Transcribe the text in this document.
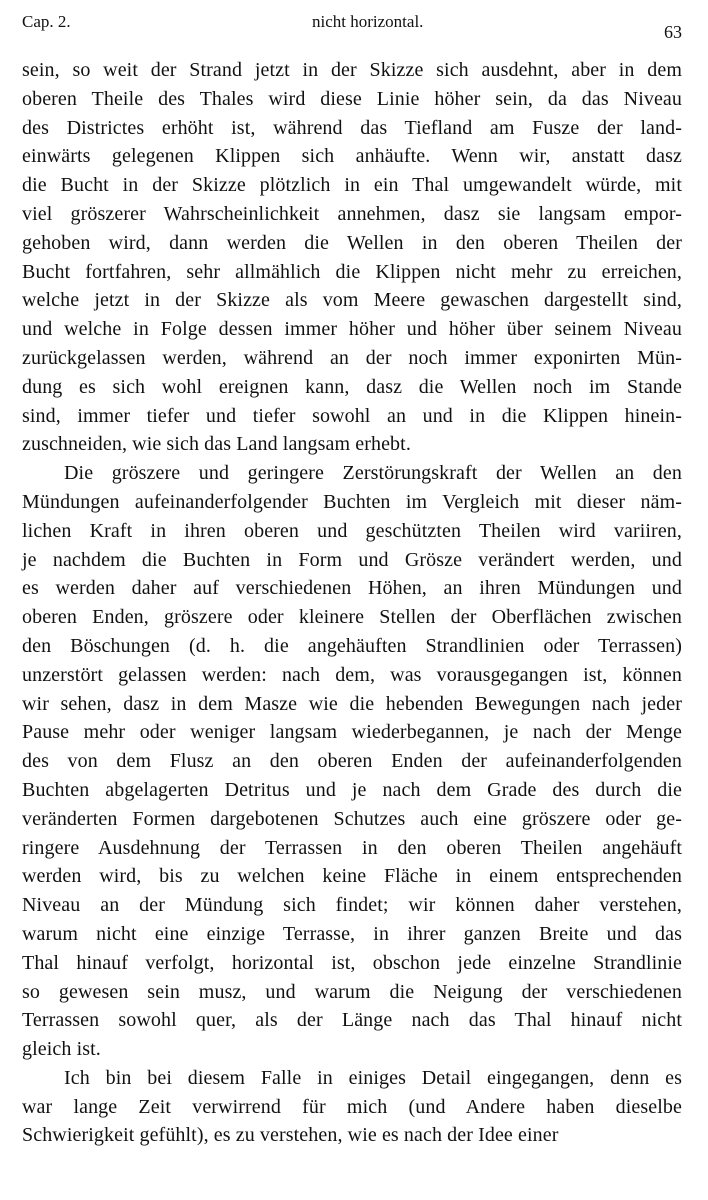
Cap. 2.	nicht horizontal.
63
sein, so weit der Strand jetzt in der Skizze sich ausdehnt, aber in dem
oberen Theile des Thales wird diese Linie höher sein, da das Niveau
des Districtes erhöht ist, während das Tiefland am Fusze der land-
einwärts gelegenen Klippen sich anhäufte. Wenn wir, anstatt dasz
die Bucht in der Skizze plötzlich in ein Thal umgewandelt würde, mit
viel gröszerer Wahrscheinlichkeit annehmen, dasz sie langsam empor-
gehoben wird, dann werden die Wellen in den oberen Theilen der
Bucht fortfahren, sehr allmählich die Klippen nicht mehr zu erreichen,
welche jetzt in der Skizze als vom Meere gewaschen dargestellt sind,
und welche in Folge dessen immer höher und höher über seinem Niveau
zurückgelassen werden, während an der noch immer exponirten Mün-
dung es sich wohl ereignen kann, dasz die Wellen noch im Stande
sind, immer tiefer und tiefer sowohl an und in die Klippen hinein-
zuschneiden, wie sich das Land langsam erhebt.
Die gröszere und geringere Zerstörungskraft der Wellen an den
Mündungen aufeinanderfolgender Buchten im Vergleich mit dieser näm-
lichen Kraft in ihren oberen und geschützten Theilen wird variiren,
je nachdem die Buchten in Form und Grösze verändert werden, und
es werden daher auf verschiedenen Höhen, an ihren Mündungen und
oberen Enden, gröszere oder kleinere Stellen der Oberflächen zwischen
den Böschungen (d. h. die angehäuften Strandlinien oder Terrassen)
unzerstört gelassen werden: nach dem, was vorausgegangen ist, können
wir sehen, dasz in dem Masze wie die hebenden Bewegungen nach jeder
Pause mehr oder weniger langsam wiederbegannen, je nach der Menge
des von dem Flusz an den oberen Enden der aufeinanderfolgenden
Buchten abgelagerten Detritus und je nach dem Grade des durch die
veränderten Formen dargebotenen Schutzes auch eine gröszere oder ge-
ringere Ausdehnung der Terrassen in den oberen Theilen angehäuft
werden wird, bis zu welchen keine Fläche in einem entsprechenden
Niveau an der Mündung sich findet; wir können daher verstehen,
warum nicht eine einzige Terrasse, in ihrer ganzen Breite und das
Thal hinauf verfolgt, horizontal ist, obschon jede einzelne Strandlinie
so gewesen sein musz, und warum die Neigung der verschiedenen
Terrassen sowohl quer, als der Länge nach das Thal hinauf nicht
gleich ist.
Ich bin bei diesem Falle in einiges Detail eingegangen, denn es
war lange Zeit verwirrend für mich (und Andere haben dieselbe
Schwierigkeit gefühlt), es zu verstehen, wie es nach der Idee einer
